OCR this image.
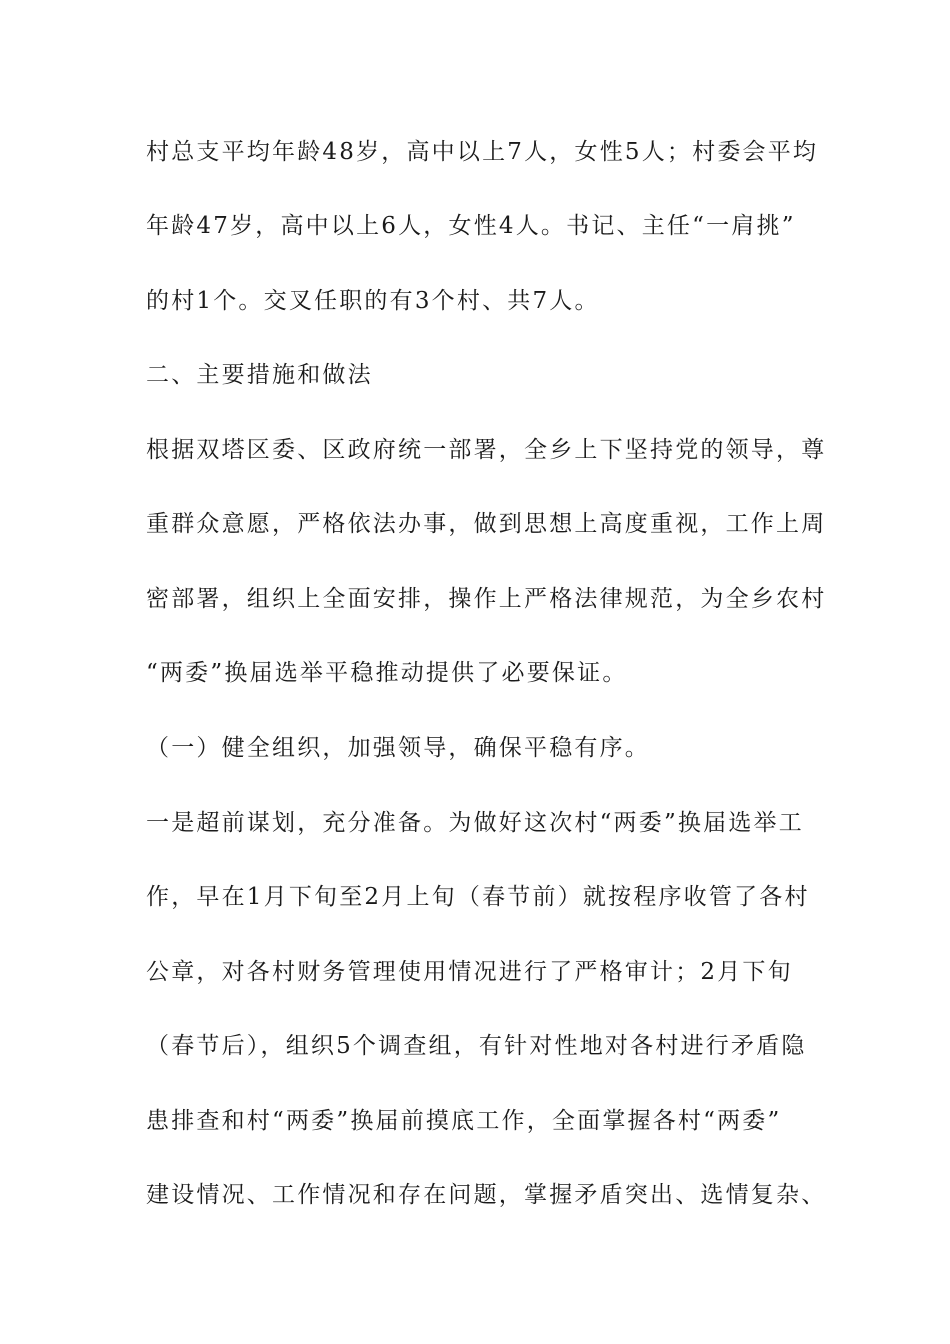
村总支平均年龄48岁，高中以上7人，女性5人；村委会平均
年龄47岁，高中以上6人，女性4人。书记、主任“一肩挑”
的村1个。交叉任职的有3个村、共7人。
二、主要措施和做法
根据双塔区委、区政府统一部署，全乡上下坚持党的领导，尊
重群众意愿，严格依法办事，做到思想上高度重视，工作上周
密部署，组织上全面安排，操作上严格法律规范，为全乡农村
“两委”换届选举平稳推动提供了必要保证。
（一）健全组织，加强领导，确保平稳有序。
一是超前谋划，充分准备。为做好这次村“两委”换届选举工
作，早在1月下旬至2月上旬（春节前）就按程序收管了各村
公章，对各村财务管理使用情况进行了严格审计；2月下旬
（春节后），组织5个调查组，有针对性地对各村进行矛盾隐
患排查和村“两委”换届前摸底工作，全面掌握各村“两委”
建设情况、工作情况和存在问题，掌握矛盾突出、选情复杂、
